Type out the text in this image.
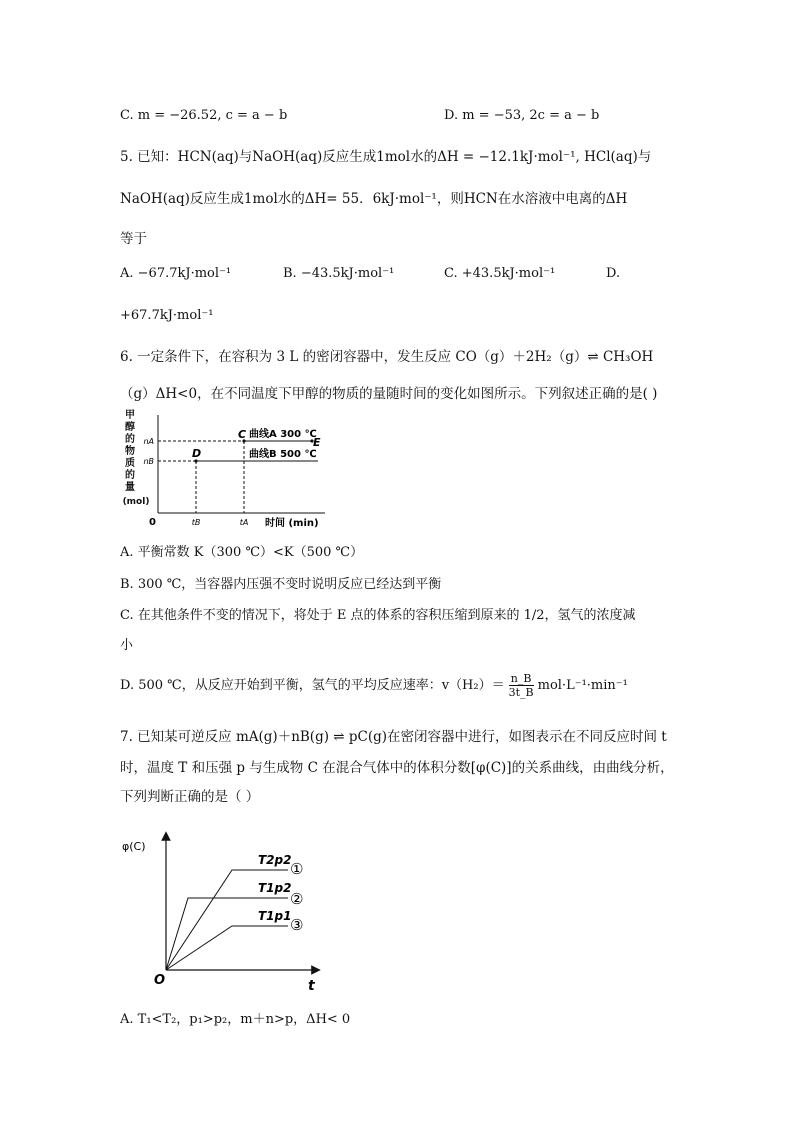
C. m = −26.52, c = a − b	D. m = −53, 2c = a − b
5. 已知：HCN(aq)与NaOH(aq)反应生成1mol水的ΔH = −12.1kJ·mol⁻¹, HCl(aq)与
NaOH(aq)反应生成1mol水的ΔH= 55．6kJ·mol⁻¹，则HCN在水溶液中电离的ΔH
等于
A. −67.7kJ·mol⁻¹	B. −43.5kJ·mol⁻¹	C. +43.5kJ·mol⁻¹	D.
+67.7kJ·mol⁻¹
6. 一定条件下，在容积为 3 L 的密闭容器中，发生反应 CO（g）＋2H₂（g）⇌ CH₃OH
（g）ΔH<0，在不同温度下甲醇的物质的量随时间的变化如图所示。下列叙述正确的是( )
甲
醇
的
物
质
的
量
(mol)
0
nA
nB
C
D
E
曲线A 300 ℃
曲线B 500 ℃
tB	tA 时间 (min)
A. 平衡常数 K（300 ℃）<K（500 ℃）
B. 300 ℃，当容器内压强不变时说明反应已经达到平衡
C. 在其他条件不变的情况下，将处于 E 点的体系的容积压缩到原来的 1/2，氢气的浓度减
小
D. 500 ℃，从反应开始到平衡，氢气的平均反应速率：$v(H_2)= \frac{n\_B}{3t\_B} mol\cdot L^{-1}\cdot\min^{-1}$
7. 已知某可逆反应 mA(g)＋nB(g) ⇌ pC(g)在密闭容器中进行，如图表示在不同反应时间 t
时，温度 T 和压强 p 与生成物 C 在混合气体中的体积分数[φ(C)]的关系曲线，由曲线分析，
下列判断正确的是（ ）
φ(C)
O	t
T2p2
①
T1p2
②
T1p1
③
A. T₁<T₂，p₁>p₂，m＋n>p，ΔH< 0
